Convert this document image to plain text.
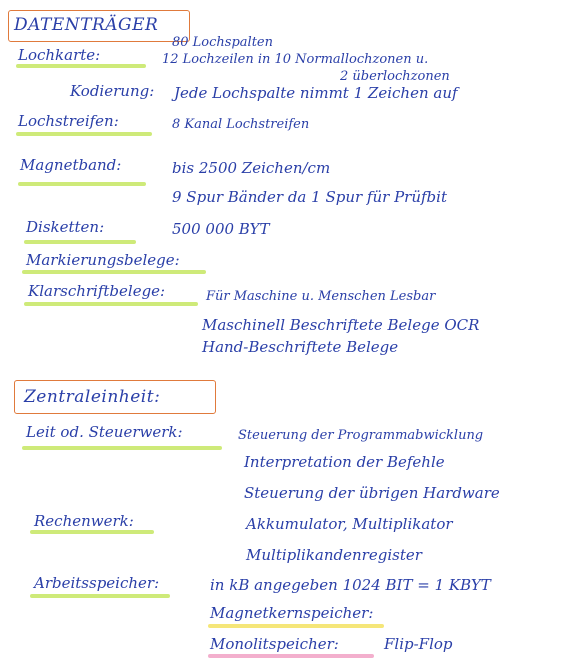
DATENTRÄGER
Lochkarte:
80 Lochspalten
12 Lochzeilen in 10 Normallochzonen u.
2 überlochzonen
Kodierung: Jede Lochspalte nimmt 1 Zeichen auf
Lochstreifen:	8 Kanal Lochstreifen
Magnetband:	bis 2500 Zeichen/cm
9 Spur Bänder da 1 Spur für Prüfbit
Disketten:	500 000 BYT
Markierungsbelege:
Klarschriftbelege:	Für Maschine u. Menschen Lesbar
Maschinell Beschriftete Belege OCR
Hand-Beschriftete Belege
Zentraleinheit:
Leit od. Steuerwerk:	Steuerung der Programmabwicklung
Interpretation der Befehle
Steuerung der übrigen Hardware
Rechenwerk:	Akkumulator, Multiplikator
Multiplikandenregister
Arbeitsspeicher:	in kB angegeben 1024 BIT = 1 KBYT
Magnetkernspeicher:
Monolitspeicher:	Flip-Flop
